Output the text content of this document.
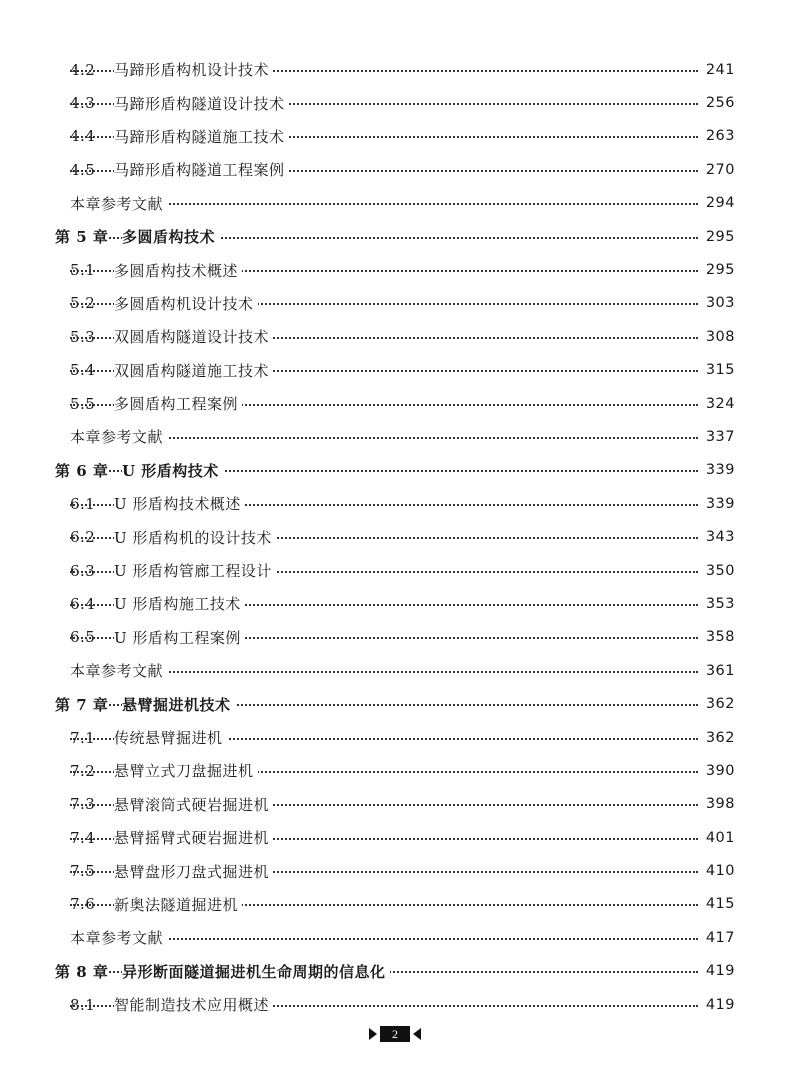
4.2	马蹄形盾构机设计技术	241
4.3	马蹄形盾构隧道设计技术	256
4.4	马蹄形盾构隧道施工技术	263
4.5	马蹄形盾构隧道工程案例	270
本章参考文献	294
第 5 章 多圆盾构技术	295
5.1	多圆盾构技术概述	295
5.2	多圆盾构机设计技术	303
5.3	双圆盾构隧道设计技术	308
5.4	双圆盾构隧道施工技术	315
5.5	多圆盾构工程案例	324
本章参考文献	337
第 6 章 U 形盾构技术	339
6.1	U 形盾构技术概述	339
6.2	U 形盾构机的设计技术	343
6.3	U 形盾构管廊工程设计	350
6.4	U 形盾构施工技术	353
6.5	U 形盾构工程案例	358
本章参考文献	361
第 7 章 悬臂掘进机技术	362
7.1	传统悬臂掘进机	362
7.2	悬臂立式刀盘掘进机	390
7.3	悬臂滚筒式硬岩掘进机	398
7.4	悬臂摇臂式硬岩掘进机	401
7.5	悬臂盘形刀盘式掘进机	410
7.6	新奥法隧道掘进机	415
本章参考文献	417
第 8 章 异形断面隧道掘进机生命周期的信息化	419
8.1	智能制造技术应用概述	419
2
